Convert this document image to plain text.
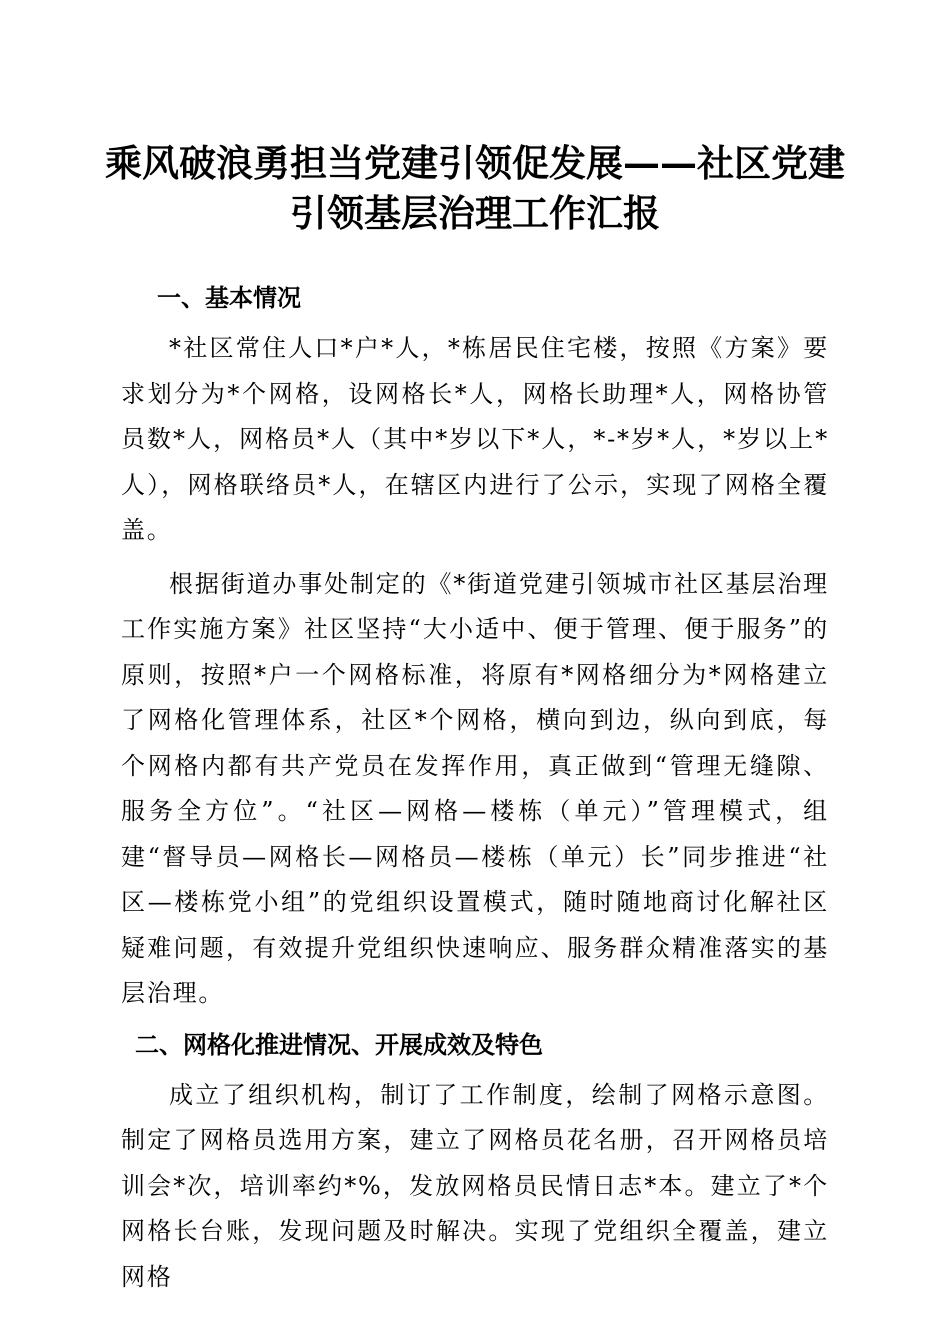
乘风破浪勇担当党建引领促发展——社区党建
引领基层治理工作汇报
一、基本情况

*社区常住人口*户*人，*栋居民住宅楼，按照《方案》要求划分为*个网格，设网格长*人，网格长助理*人，网格协管员数*人，网格员*人（其中*岁以下*人，*-*岁*人，*岁以上*人），网格联络员*人，在辖区内进行了公示，实现了网格全覆盖。

根据街道办事处制定的《*街道党建引领城市社区基层治理工作实施方案》社区坚持“大小适中、便于管理、便于服务”的原则，按照*户一个网格标准，将原有*网格细分为*网格建立了网格化管理体系，社区*个网格，横向到边，纵向到底，每个网格内都有共产党员在发挥作用，真正做到“管理无缝隙、服务全方位”。“社区—网格—楼栋（单元）”管理模式，组建“督导员—网格长—网格员—楼栋（单元）长”同步推进“社区—楼栋党小组”的党组织设置模式，随时随地商讨化解社区疑难问题，有效提升党组织快速响应、服务群众精准落实的基层治理。

二、网格化推进情况、开展成效及特色

成立了组织机构，制订了工作制度，绘制了网格示意图。制定了网格员选用方案，建立了网格员花名册，召开网格员培训会*次，培训率约*%，发放网格员民情日志*本。建立了*个网格长台账，发现问题及时解决。实现了党组织全覆盖，建立网格
